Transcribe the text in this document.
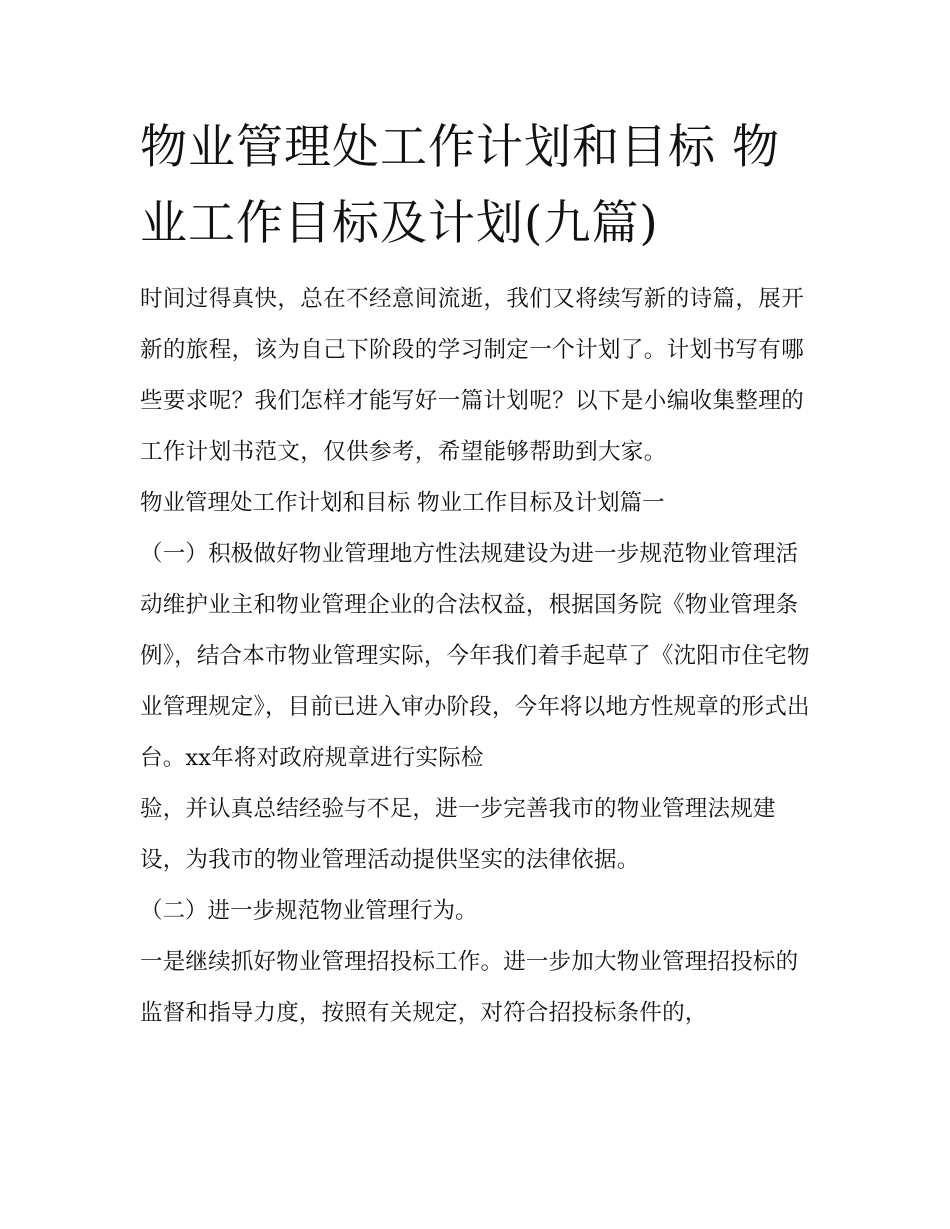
物业管理处工作计划和目标 物业工作目标及计划(九篇)

时间过得真快，总在不经意间流逝，我们又将续写新的诗篇，展开新的旅程，该为自己下阶段的学习制定一个计划了。计划书写有哪些要求呢？我们怎样才能写好一篇计划呢？以下是小编收集整理的工作计划书范文，仅供参考，希望能够帮助到大家。

物业管理处工作计划和目标 物业工作目标及计划篇一

（一）积极做好物业管理地方性法规建设为进一步规范物业管理活动维护业主和物业管理企业的合法权益，根据国务院《物业管理条例》，结合本市物业管理实际，今年我们着手起草了《沈阳市住宅物业管理规定》，目前已进入审办阶段，今年将以地方性规章的形式出台。xx年将对政府规章进行实际检

验，并认真总结经验与不足，进一步完善我市的物业管理法规建设，为我市的物业管理活动提供坚实的法律依据。

（二）进一步规范物业管理行为。

一是继续抓好物业管理招投标工作。进一步加大物业管理招投标的监督和指导力度，按照有关规定，对符合招投标条件的，
